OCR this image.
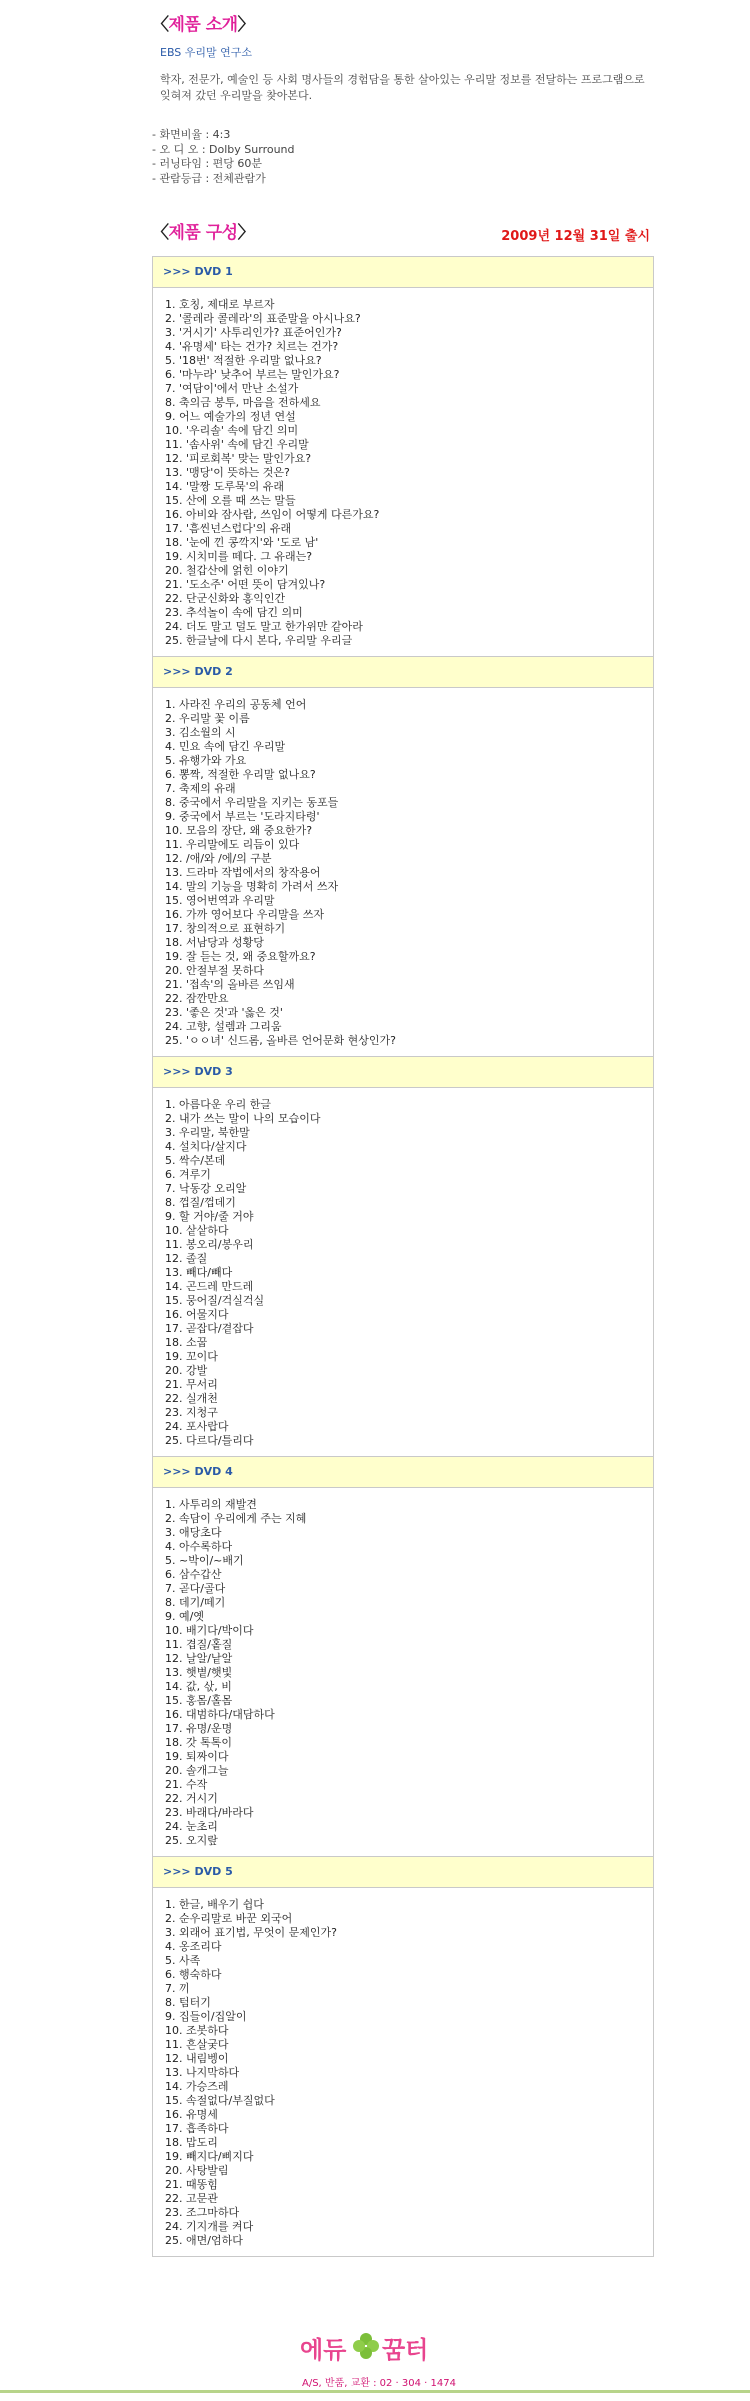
〈제품 소개〉
EBS 우리말 연구소
학자, 전문가, 예술인 등 사회 명사들의 경험담을 통한 살아있는 우리말 정보를 전달하는 프로그램으로 잊혀져 갔던 우리말을 찾아본다.
- 화면비율 : 4:3
- 오 디 오 : Dolby Surround
- 러닝타임 : 편당 60분
- 관람등급 : 전체관람가
〈제품 구성〉	2009년 12월 31일 출시
>>> DVD 1
1. 호칭, 제대로 부르자
2. '콜레라 콜레라'의 표준말을 아시나요?
3. '거시기' 사투리인가? 표준어인가?
4. '유명세' 타는 건가? 치르는 건가?
5. '18번' 적절한 우리말 없나요?
6. '마누라' 낮추어 부르는 말인가요?
7. '여담이'에서 만난 소설가
8. 축의금 봉투, 마음을 전하세요
9. 어느 예술가의 정년 연설
10. '우리솔' 속에 담긴 의미
11. '솜사위' 속에 담긴 우리말
12. '피로회복' 맞는 말인가요?
13. '맹당'이 뜻하는 것은?
14. '말짱 도루묵'의 유래
15. 산에 오를 때 쓰는 말들
16. 아비와 잠사람, 쓰임이 어떻게 다른가요?
17. '흠씬넌스럽다'의 유래
18. '눈에 낀 콩깍지'와 '도로 남'
19. 시치미를 떼다. 그 유래는?
20. 철갑산에 얽힌 이야기
21. '도소주' 어떤 뜻이 담겨있나?
22. 단군신화와 홍익인간
23. 추석놀이 속에 담긴 의미
24. 더도 말고 덜도 말고 한가위만 같아라
25. 한글날에 다시 본다, 우리말 우리글
>>> DVD 2
1. 사라진 우리의 공동체 언어
2. 우리말 꽃 이름
3. 김소월의 시
4. 민요 속에 담긴 우리말
5. 유행가와 가요
6. 뽕짝, 적절한 우리말 없나요?
7. 축제의 유래
8. 중국에서 우리말을 지키는 동포들
9. 중국에서 부르는 '도라지타령'
10. 모음의 장단, 왜 중요한가?
11. 우리말에도 리듬이 있다
12. /애/와 /에/의 구분
13. 드라마 작법에서의 창작용어
14. 말의 기능을 명확히 가려서 쓰자
15. 영어번역과 우리말
16. 가까 영어보다 우리말을 쓰자
17. 창의적으로 표현하기
18. 서남당과 성황당
19. 잘 듣는 것, 왜 중요할까요?
20. 안절부절 못하다
21. '접속'의 올바른 쓰임새
22. 잠깐만요
23. '좋은 것'과 '옳은 것'
24. 고향, 설렘과 그리움
25. 'ㅇㅇ녀' 신드롬, 올바른 언어문화 현상인가?
>>> DVD 3
1. 아름다운 우리 한글
2. 내가 쓰는 말이 나의 모습이다
3. 우리말, 북한말
4. 설치다/살지다
5. 싹수/본데
6. 겨루기
7. 낙동강 오리알
8. 껍질/껍데기
9. 할 거야/줄 거야
10. 샅샅하다
11. 봉오리/봉우리
12. 졸질
13. 빼다/빼다
14. 곤드레 만드레
15. 뭉어질/걱실걱실
16. 어물지다
17. 곧잡다/곁잡다
18. 소꿉
19. 꼬이다
20. 강발
21. 무서리
22. 실개천
23. 지청구
24. 포사랍다
25. 다르다/틀리다
>>> DVD 4
1. 사투리의 재발견
2. 속담이 우리에게 주는 지혜
3. 애당초다
4. 아수록하다
5. ~박이/~배기
6. 삼수갑산
7. 곧다/골다
8. 데기/떼기
9. 예/옛
10. 배기다/박이다
11. 겹질/홑질
12. 날알/낱알
13. 햇볕/햇빛
14. 값, 삯, 비
15. 홍몸/홀몸
16. 대범하다/대담하다
17. 유명/운명
18. 갓 톡톡이
19. 퇴짜이다
20. 솔개그늘
21. 수작
22. 거시기
23. 바래다/바라다
24. 눈초리
25. 오지랖
>>> DVD 5
1. 한글, 배우기 쉽다
2. 순우리말로 바꾼 외국어
3. 외래어 표기법, 무엇이 문제인가?
4. 옹조리다
5. 사족
6. 행숙하다
7. 끼
8. 텀터기
9. 집들이/집알이
10. 조봇하다
11. 흔살궂다
12. 내림벵이
13. 나지막하다
14. 가승즈레
15. 속절없다/부질없다
16. 유명세
17. 흡족하다
18. 맙도리
19. 빼지다/삐지다
20. 사탕발림
21. 때똥힘
22. 고문관
23. 조그마하다
24. 기지개를 켜다
25. 애면/엄하다
에듀 꿈터
A/S, 반품, 교환 : 02 · 304 · 1474
